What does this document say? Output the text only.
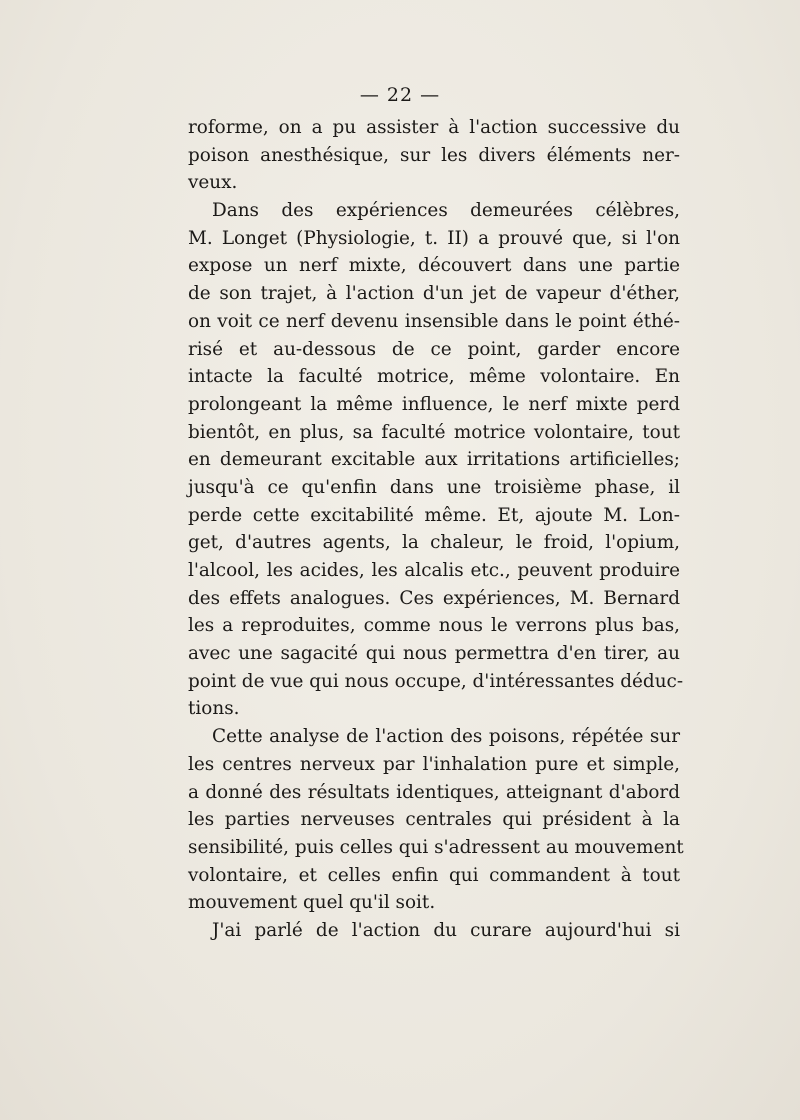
— 22 —
roforme, on a pu assister à l'action successive du
poison anesthésique, sur les divers éléments ner-
veux.
Dans des expériences demeurées célèbres,
M. Longet (Physiologie, t. II) a prouvé que, si l'on
expose un nerf mixte, découvert dans une partie
de son trajet, à l'action d'un jet de vapeur d'éther,
on voit ce nerf devenu insensible dans le point éthé-
risé et au-dessous de ce point, garder encore
intacte la faculté motrice, même volontaire. En
prolongeant la même influence, le nerf mixte perd
bientôt, en plus, sa faculté motrice volontaire, tout
en demeurant excitable aux irritations artificielles;
jusqu'à ce qu'enfin dans une troisième phase, il
perde cette excitabilité même. Et, ajoute M. Lon-
get, d'autres agents, la chaleur, le froid, l'opium,
l'alcool, les acides, les alcalis etc., peuvent produire
des effets analogues. Ces expériences, M. Bernard
les a reproduites, comme nous le verrons plus bas,
avec une sagacité qui nous permettra d'en tirer, au
point de vue qui nous occupe, d'intéressantes déduc-
tions.
Cette analyse de l'action des poisons, répétée sur
les centres nerveux par l'inhalation pure et simple,
a donné des résultats identiques, atteignant d'abord
les parties nerveuses centrales qui président à la
sensibilité, puis celles qui s'adressent au mouvement
volontaire, et celles enfin qui commandent à tout
mouvement quel qu'il soit.
J'ai parlé de l'action du curare aujourd'hui si
